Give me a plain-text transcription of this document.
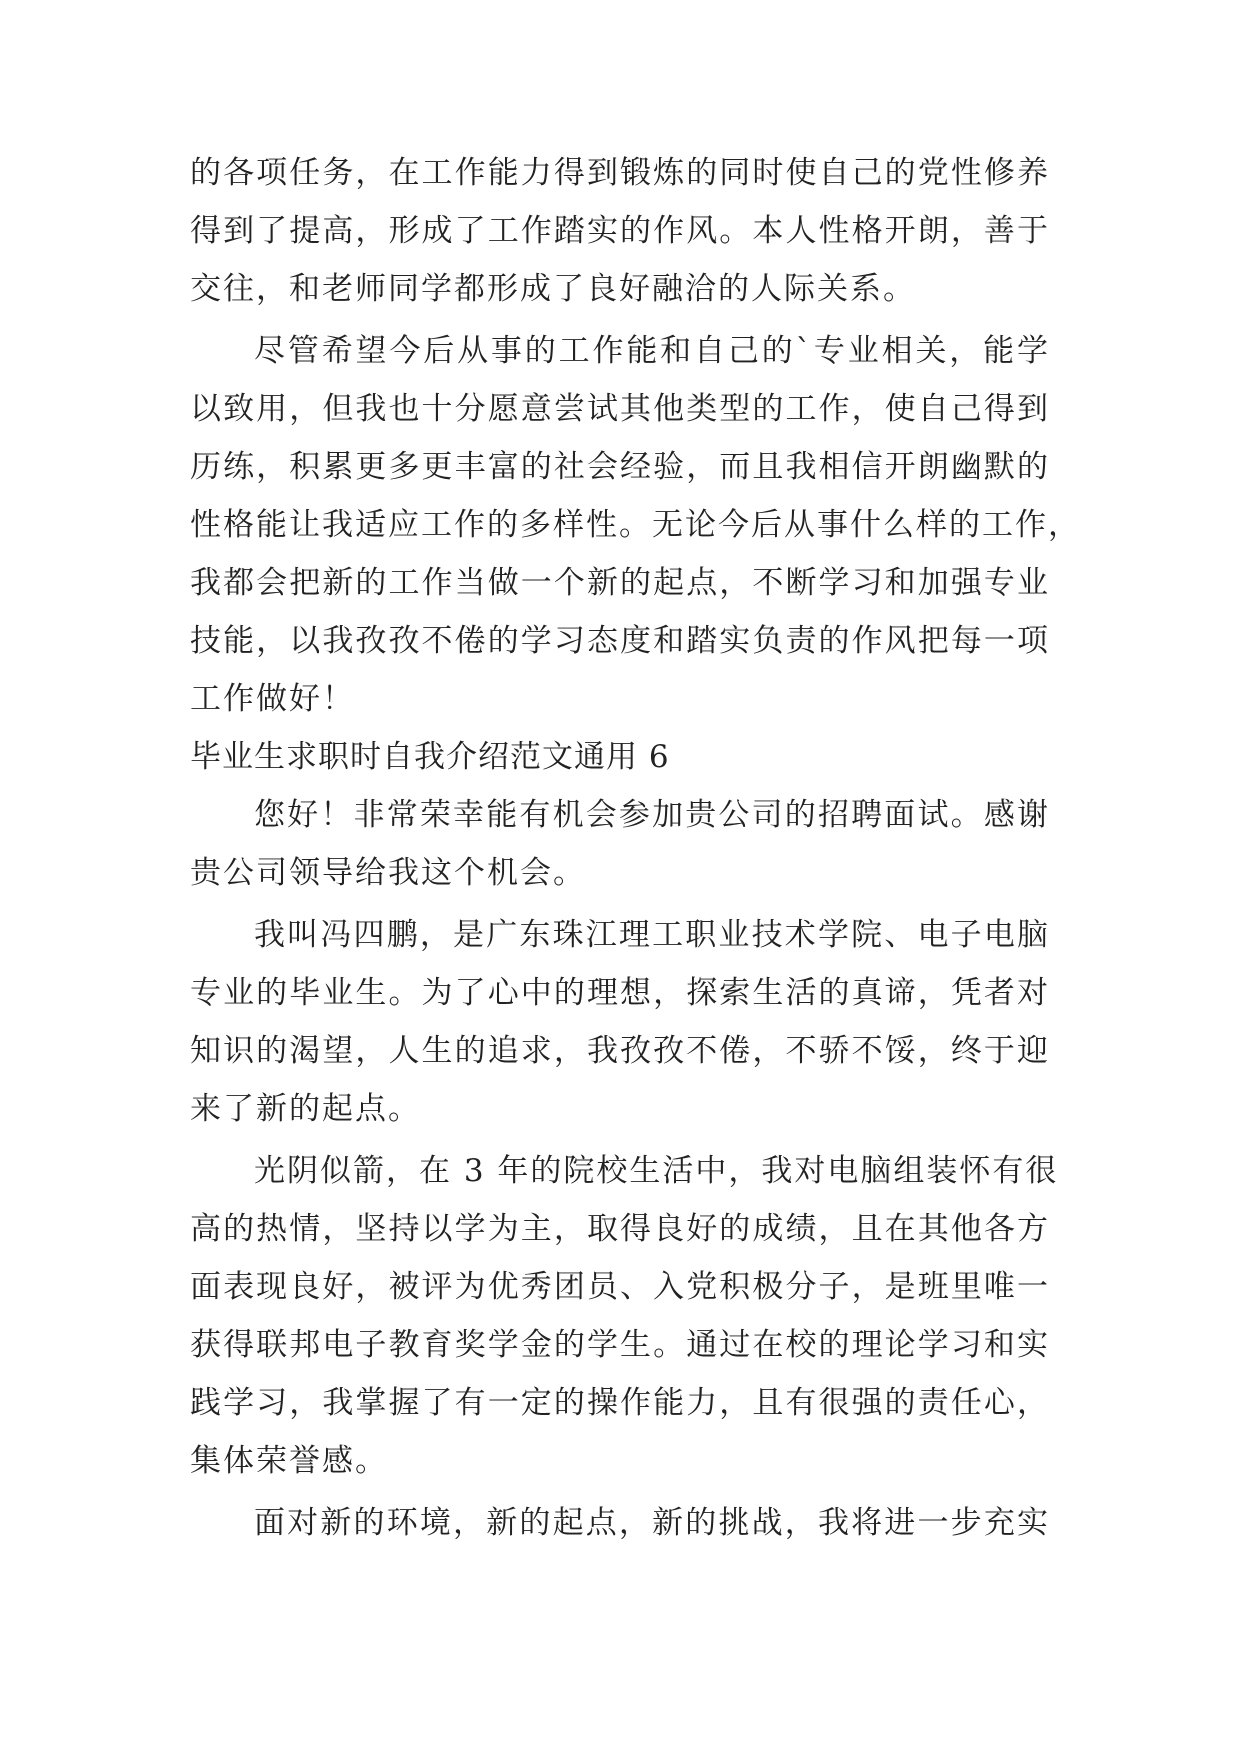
的各项任务，在工作能力得到锻炼的同时使自己的党性修养
得到了提高，形成了工作踏实的作风。本人性格开朗，善于
交往，和老师同学都形成了良好融洽的人际关系。
尽管希望今后从事的工作能和自己的`专业相关，能学
以致用，但我也十分愿意尝试其他类型的工作，使自己得到
历练，积累更多更丰富的社会经验，而且我相信开朗幽默的
性格能让我适应工作的多样性。无论今后从事什么样的工作，
我都会把新的工作当做一个新的起点，不断学习和加强专业
技能，以我孜孜不倦的学习态度和踏实负责的作风把每一项
工作做好！
毕业生求职时自我介绍范文通用 6
您好！非常荣幸能有机会参加贵公司的招聘面试。感谢
贵公司领导给我这个机会。
我叫冯四鹏，是广东珠江理工职业技术学院、电子电脑
专业的毕业生。为了心中的理想，探索生活的真谛，凭者对
知识的渴望，人生的追求，我孜孜不倦，不骄不馁，终于迎
来了新的起点。
光阴似箭，在 3 年的院校生活中，我对电脑组装怀有很
高的热情，坚持以学为主，取得良好的成绩，且在其他各方
面表现良好，被评为优秀团员、入党积极分子，是班里唯一
获得联邦电子教育奖学金的学生。通过在校的理论学习和实
践学习，我掌握了有一定的操作能力，且有很强的责任心，
集体荣誉感。
面对新的环境，新的起点，新的挑战，我将进一步充实
